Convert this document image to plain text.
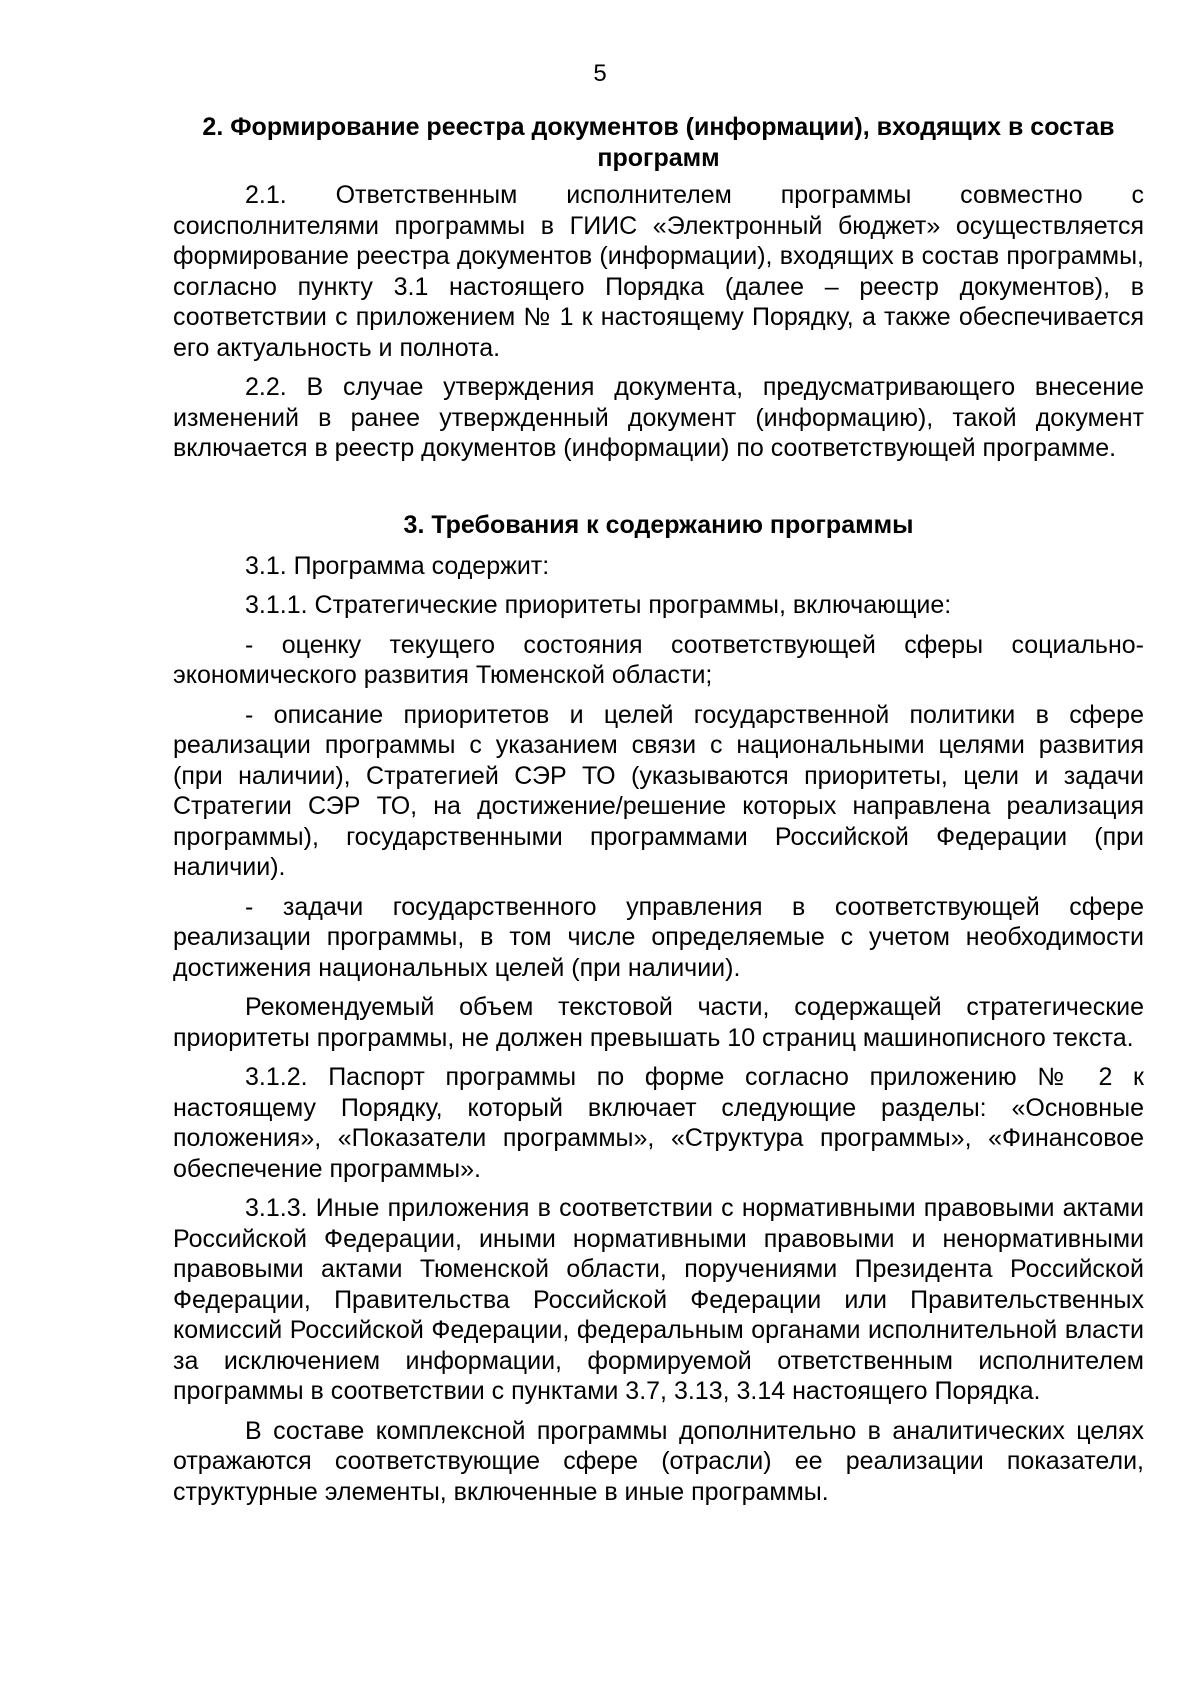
5
2. Формирование реестра документов (информации), входящих в состав программ

2.1. Ответственным исполнителем программы совместно с соисполнителями программы в ГИИС «Электронный бюджет» осуществляется формирование реестра документов (информации), входящих в состав программы, согласно пункту 3.1 настоящего Порядка (далее – реестр документов), в соответствии с приложением № 1 к настоящему Порядку, а также обеспечивается его актуальность и полнота.

2.2. В случае утверждения документа, предусматривающего внесение изменений в ранее утвержденный документ (информацию), такой документ включается в реестр документов (информации) по соответствующей программе.

3. Требования к содержанию программы

3.1. Программа содержит:

3.1.1. Стратегические приоритеты программы, включающие:

- оценку текущего состояния соответствующей сферы социально-экономического развития Тюменской области;

- описание приоритетов и целей государственной политики в сфере реализации программы с указанием связи с национальными целями развития (при наличии), Стратегией СЭР ТО (указываются приоритеты, цели и задачи Стратегии СЭР ТО, на достижение/решение которых направлена реализация программы), государственными программами Российской Федерации (при наличии).

- задачи государственного управления в соответствующей сфере реализации программы, в том числе определяемые с учетом необходимости достижения национальных целей (при наличии).

Рекомендуемый объем текстовой части, содержащей стратегические приоритеты программы, не должен превышать 10 страниц машинописного текста.

3.1.2. Паспорт программы по форме согласно приложению № 2 к настоящему Порядку, который включает следующие разделы: «Основные положения», «Показатели программы», «Структура программы», «Финансовое обеспечение программы».

3.1.3. Иные приложения в соответствии с нормативными правовыми актами Российской Федерации, иными нормативными правовыми и ненормативными правовыми актами Тюменской области, поручениями Президента Российской Федерации, Правительства Российской Федерации или Правительственных комиссий Российской Федерации, федеральным органами исполнительной власти за исключением информации, формируемой ответственным исполнителем программы в соответствии с пунктами 3.7, 3.13, 3.14 настоящего Порядка.

В составе комплексной программы дополнительно в аналитических целях отражаются соответствующие сфере (отрасли) ее реализации показатели, структурные элементы, включенные в иные программы.
